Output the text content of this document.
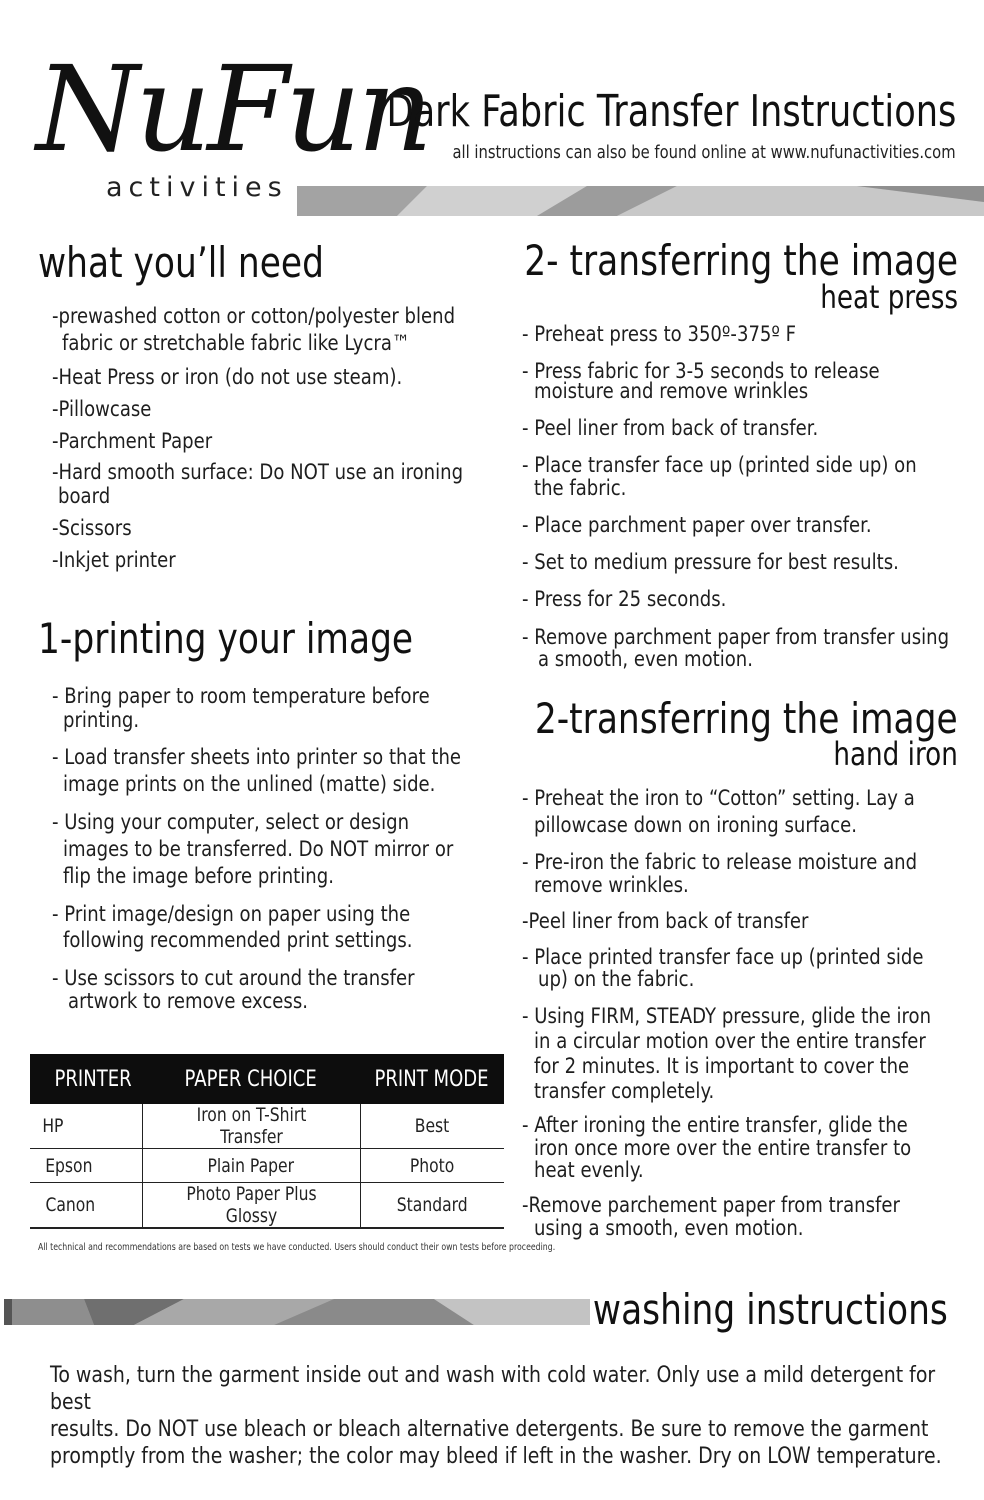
NuFun
activities
Dark Fabric Transfer Instructions
all instructions can also be found online at www.nufunactivities.com
what you’ll need
-prewashed cotton or cotton/polyester blend
fabric or stretchable fabric like Lycra™
-Heat Press or iron (do not use steam).
-Pillowcase
-Parchment Paper
-Hard smooth surface: Do NOT use an ironing
board
-Scissors
-Inkjet printer
1-printing your image
- Bring paper to room temperature before
printing.
- Load transfer sheets into printer so that the
image prints on the unlined (matte) side.
- Using your computer, select or design
images to be transferred. Do NOT mirror or
flip the image before printing.
- Print image/design on paper using the
following recommended print settings.
- Use scissors to cut around the transfer
artwork to remove excess.
PRINTER	PAPER CHOICE	PRINT MODE
HP	Iron on T-Shirt Transfer	Best
Epson	Plain Paper	Photo
Canon	Photo Paper Plus Glossy	Standard
All technical and recommendations are based on tests we have conducted. Users should conduct their own tests before proceeding.
2- transferring the image
heat press
- Preheat press to 350º-375º F
- Press fabric for 3-5 seconds to release
moisture and remove wrinkles
- Peel liner from back of transfer.
- Place transfer face up (printed side up) on
the fabric.
- Place parchment paper over transfer.
- Set to medium pressure for best results.
- Press for 25 seconds.
- Remove parchment paper from transfer using
a smooth, even motion.
2-transferring the image
hand iron
- Preheat the iron to “Cotton” setting. Lay a
pillowcase down on ironing surface.
- Pre-iron the fabric to release moisture and
remove wrinkles.
-Peel liner from back of transfer
- Place printed transfer face up (printed side
up) on the fabric.
- Using FIRM, STEADY pressure, glide the iron
in a circular motion over the entire transfer
for 2 minutes. It is important to cover the
transfer completely.
- After ironing the entire transfer, glide the
iron once more over the entire transfer to
heat evenly.
-Remove parchement paper from transfer
using a smooth, even motion.
washing instructions
To wash, turn the garment inside out and wash with cold water. Only use a mild detergent for best
results. Do NOT use bleach or bleach alternative detergents. Be sure to remove the garment
promptly from the washer; the color may bleed if left in the washer. Dry on LOW temperature.
